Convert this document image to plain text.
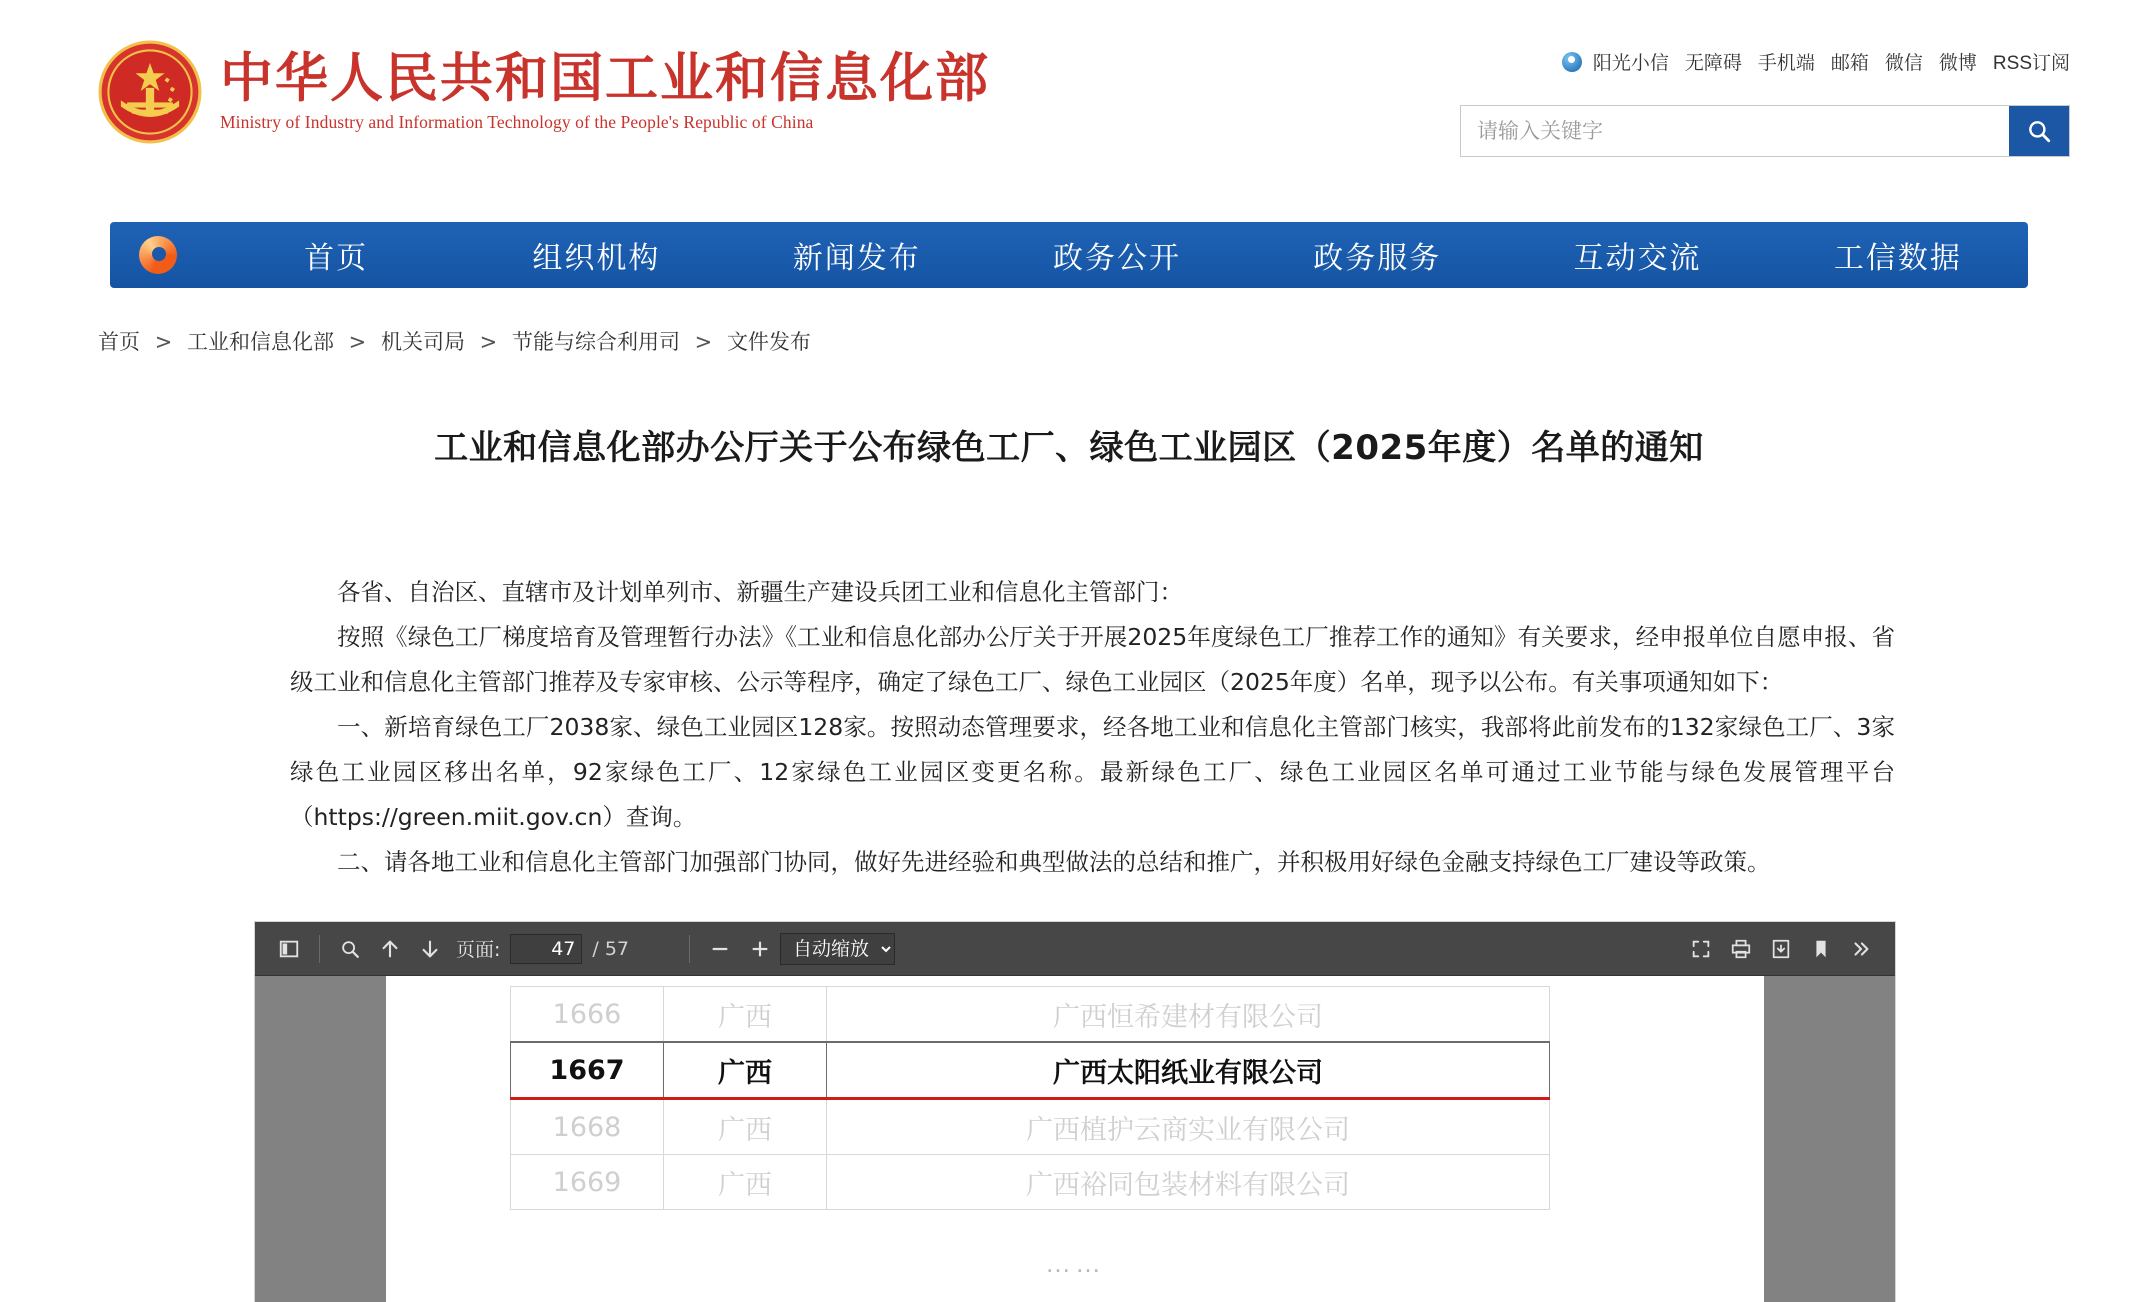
中华人民共和国工业和信息化部
Ministry of Industry and Information Technology of the People's Republic of China
阳光小信 无障碍 手机端 邮箱 微信 微博 RSS订阅
请输入关键字
首页	组织机构	新闻发布	政务公开	政务服务	互动交流	工信数据
首页 > 工业和信息化部 > 机关司局 > 节能与综合利用司 > 文件发布
工业和信息化部办公厅关于公布绿色工厂、绿色工业园区（2025年度）名单的通知

各省、自治区、直辖市及计划单列市、新疆生产建设兵团工业和信息化主管部门：

按照《绿色工厂梯度培育及管理暂行办法》《工业和信息化部办公厅关于开展2025年度绿色工厂推荐工作的通知》有关要求，经申报单位自愿申报、省级工业和信息化主管部门推荐及专家审核、公示等程序，确定了绿色工厂、绿色工业园区（2025年度）名单，现予以公布。有关事项通知如下：

一、新培育绿色工厂2038家、绿色工业园区128家。按照动态管理要求，经各地工业和信息化主管部门核实，我部将此前发布的132家绿色工厂、3家绿色工业园区移出名单，92家绿色工厂、12家绿色工业园区变更名称。最新绿色工厂、绿色工业园区名单可通过工业节能与绿色发展管理平台（https://green.miit.gov.cn）查询。

二、请各地工业和信息化主管部门加强部门协同，做好先进经验和典型做法的总结和推广，并积极用好绿色金融支持绿色工厂建设等政策。

页面:
47	/ 57
自动缩放
1666	广西	广西恒希建材有限公司
1667	广西	广西太阳纸业有限公司
1668	广西	广西植护云商实业有限公司
1669	广西	广西裕同包装材料有限公司
……
